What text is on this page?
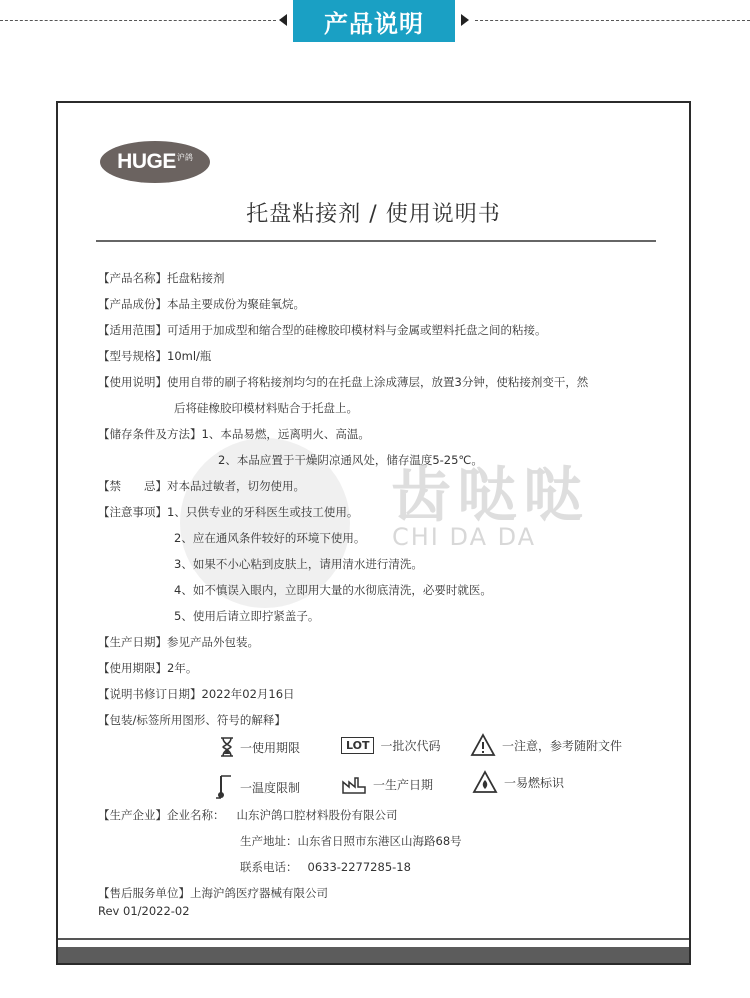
产品说明
HUGE 沪鸽
托盘粘接剂 / 使用说明书
齿哒哒
CHI DA DA
【产品名称】托盘粘接剂
【产品成份】本品主要成份为聚硅氧烷。
【适用范围】可适用于加成型和缩合型的硅橡胶印模材料与金属或塑料托盘之间的粘接。
【型号规格】10ml/瓶
【使用说明】使用自带的刷子将粘接剂均匀的在托盘上涂成薄层，放置3分钟，使粘接剂变干，然
后将硅橡胶印模材料贴合于托盘上。
【储存条件及方法】1、本品易燃，远离明火、高温。
2、本品应置于干燥阴凉通风处，储存温度5-25℃。
【禁　　忌】对本品过敏者，切勿使用。
【注意事项】1、只供专业的牙科医生或技工使用。
2、应在通风条件较好的环境下使用。
3、如果不小心粘到皮肤上，请用清水进行清洗。
4、如不慎误入眼内，立即用大量的水彻底清洗，必要时就医。
5、使用后请立即拧紧盖子。
【生产日期】参见产品外包装。
【使用期限】2年。
【说明书修订日期】2022年02月16日
【包装/标签所用图形、符号的解释】
一使用期限	LOT 一批次代码	一注意，参考随附文件
一温度限制	一生产日期	一易燃标识
【生产企业】企业名称： 山东沪鸽口腔材料股份有限公司
生产地址：山东省日照市东港区山海路68号
联系电话： 0633-2277285-18
【售后服务单位】上海沪鸽医疗器械有限公司
Rev 01/2022-02
